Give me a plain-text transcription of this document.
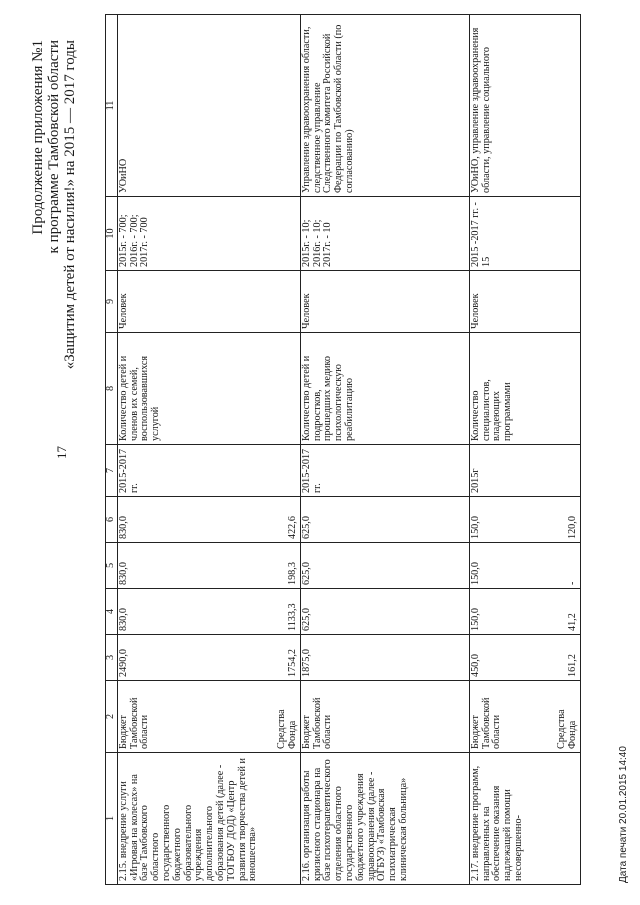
Продолжение приложения №1 к программе Тамбовской области «Защитим детей от насилия!» на 2015 — 2017 годы
17
1	2	3	4	5	6	7	8	9	10	11
2.15. внедрение услуги «Игровая на колесах» на базе Тамбовского областного государственного бюджетного образовательного учреждения дополнительного образования детей (далее - ТОГБОУ ДОД) «Центр развития творчества детей и юношества»	Бюджет Тамбовской области Средства Фонда	2490,0 1754,2	830,0 1133,3	830,0 198,3	830,0 422,6	2015-2017 гг.	Количество детей и членов их семей, воспользовавшихся услугой	Человек	2015г. - 700; 2016г. - 700; 2017г. - 700	УОиНО
2.16. организация работы кризисного стационара на базе психотерапевтического отделения областного государственного бюджетного учреждения здравоохранения (далее - ОГБУЗ) «Тамбовская психиатрическая клиническая больница»	Бюджет Тамбовской области	1875,0	625,0	625,0	625,0	2015-2017 гг.	Количество детей и подростков, прошедших медико психологическую реабилитацию	Человек	2015г. - 10; 2016г. - 10; 2017г. - 10	Управление здравоохранения области, следственное управление Следственного комитета Российской Федерации по Тамбовской области (по согласованию)
2.17. внедрение программ, направленных на обеспечение оказания надлежащей помощи несовершенно-	Бюджет Тамбовской области Средства Фонда	450,0 161,2	150,0 41,2	150,0 -	150,0 120,0	2015г	Количество специалистов, владеющих программами	Человек	2015 -2017 гг. - 15	УОиНО, управление здравоохранения области, управление социального
Дата печати 20.01.2015 14:40
